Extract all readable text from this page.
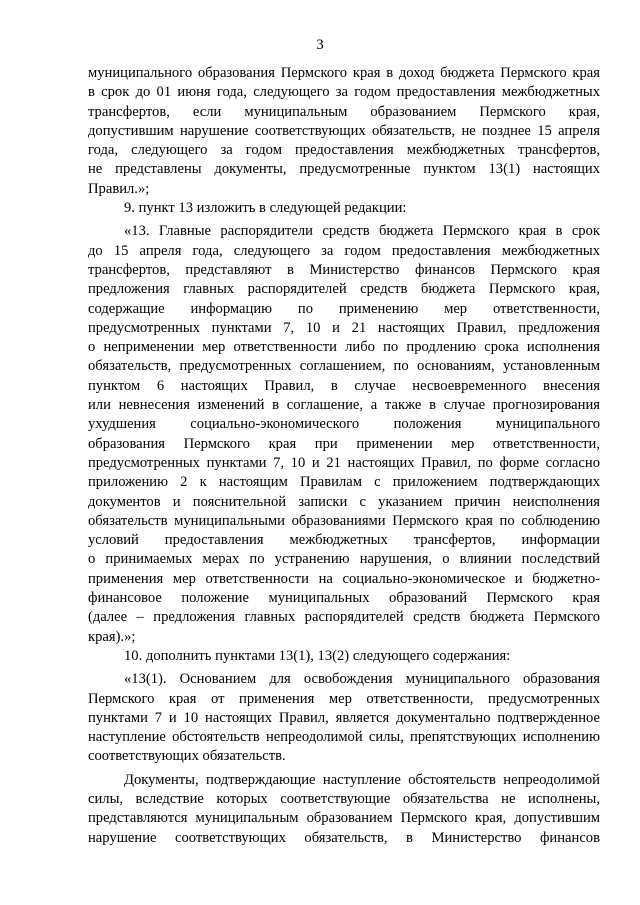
3
муниципального образования Пермского края в доход бюджета Пермского края
в срок до 01 июня года, следующего за годом предоставления межбюджетных
трансфертов, если муниципальным образованием Пермского края,
допустившим нарушение соответствующих обязательств, не позднее 15 апреля
года, следующего за годом предоставления межбюджетных трансфертов,
не представлены документы, предусмотренные пунктом 13(1) настоящих
Правил.»;
9. пункт 13 изложить в следующей редакции:
«13. Главные распорядители средств бюджета Пермского края в срок
до 15 апреля года, следующего за годом предоставления межбюджетных
трансфертов, представляют в Министерство финансов Пермского края
предложения главных распорядителей средств бюджета Пермского края,
содержащие информацию по применению мер ответственности,
предусмотренных пунктами 7, 10 и 21 настоящих Правил, предложения
о неприменении мер ответственности либо по продлению срока исполнения
обязательств, предусмотренных соглашением, по основаниям, установленным
пунктом 6 настоящих Правил, в случае несвоевременного внесения
или невнесения изменений в соглашение, а также в случае прогнозирования
ухудшения социально-экономического положения муниципального
образования Пермского края при применении мер ответственности,
предусмотренных пунктами 7, 10 и 21 настоящих Правил, по форме согласно
приложению 2 к настоящим Правилам с приложением подтверждающих
документов и пояснительной записки с указанием причин неисполнения
обязательств муниципальными образованиями Пермского края по соблюдению
условий предоставления межбюджетных трансфертов, информации
о принимаемых мерах по устранению нарушения, о влиянии последствий
применения мер ответственности на социально-экономическое и бюджетно-
финансовое положение муниципальных образований Пермского края
(далее – предложения главных распорядителей средств бюджета Пермского
края).»;
10. дополнить пунктами 13(1), 13(2) следующего содержания:
«13(1). Основанием для освобождения муниципального образования
Пермского края от применения мер ответственности, предусмотренных
пунктами 7 и 10 настоящих Правил, является документально подтвержденное
наступление обстоятельств непреодолимой силы, препятствующих исполнению
соответствующих обязательств.
Документы, подтверждающие наступление обстоятельств непреодолимой
силы, вследствие которых соответствующие обязательства не исполнены,
представляются муниципальным образованием Пермского края, допустившим
нарушение соответствующих обязательств, в Министерство финансов
